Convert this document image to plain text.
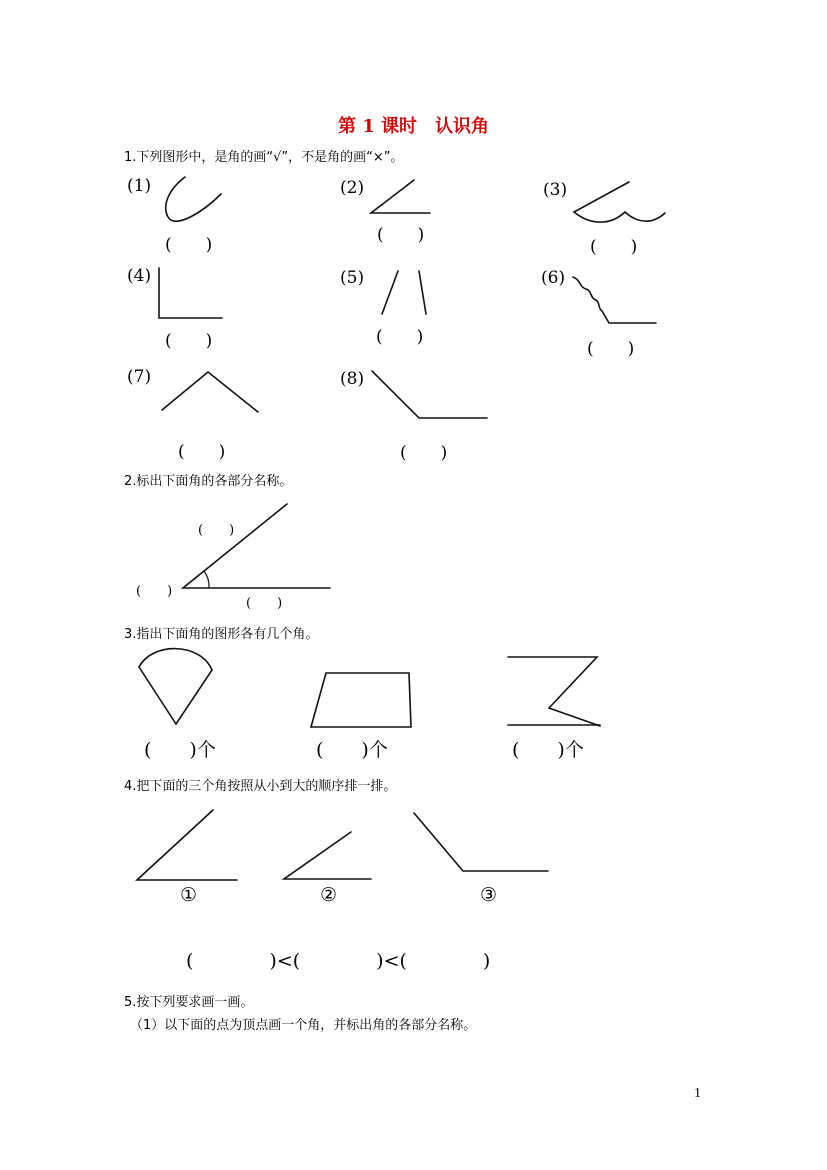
第 1 课时　认识角
1.下列图形中，是角的画“√”，不是角的画“×”。
(1)	(2)	(3)
(4)	(5)	(6)
(7)	(8)
(　　)	(　　)
(　　)
(　　)	(　　)
(　　)
(　　)	(　　)
2.标出下面角的各部分名称。
(　　)
(　　)
(　　)
3.指出下面角的图形各有几个角。
(　　)个	(　　)个	(　　)个
4.把下面的三个角按照从小到大的顺序排一排。
①	②	③
(　　　　)<(　　　　)<(　　　　)
5.按下列要求画一画。
（1）以下面的点为顶点画一个角，并标出角的各部分名称。
1
